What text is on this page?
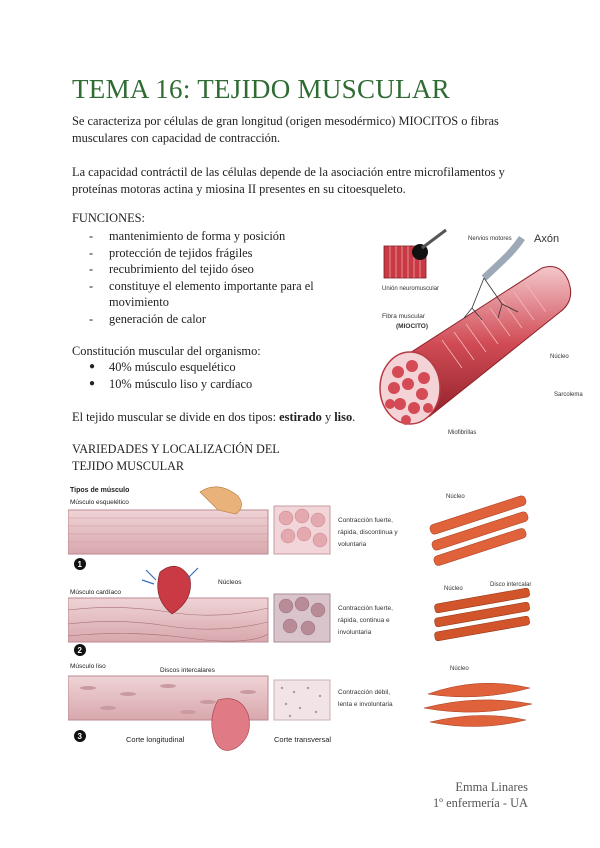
TEMA 16: TEJIDO MUSCULAR
Se caracteriza por células de gran longitud (origen mesodérmico) MIOCITOS o fibras musculares con capacidad de contracción.
La capacidad contráctil de las células depende de la asociación entre microfilamentos y proteínas motoras actina y miosina II presentes en su citoesqueleto.
FUNCIONES:
- mantenimiento de forma y posición
- protección de tejidos frágiles
- recubrimiento del tejido óseo
- constituye el elemento importante para el movimiento
- generación de calor
Constitución muscular del organismo:
● 40% músculo esquelético
● 10% músculo liso y cardíaco
El tejido muscular se divide en dos tipos: estirado y liso.
VARIEDADES Y LOCALIZACIÓN DEL TEJIDO MUSCULAR
Axón
Nervios motores
Unión neuromuscular
Fibra muscular
(MIOCITO)
Núcleo
Sarcolema
Miofibrillas
Tipos de músculo
Músculo esquelético
Contracción fuerte,
rápida, discontinua y
voluntaria
Núcleo
1
Músculo cardíaco
Núcleos
Contracción fuerte,
rápida, continua e
involuntaria
Núcleo
Disco intercalar
2
Músculo liso
Discos intercalares
Contracción débil,
lenta e involuntaria
Núcleo
3	Corte longitudinal	Corte transversal
Emma Linares
1º enfermería - UA
